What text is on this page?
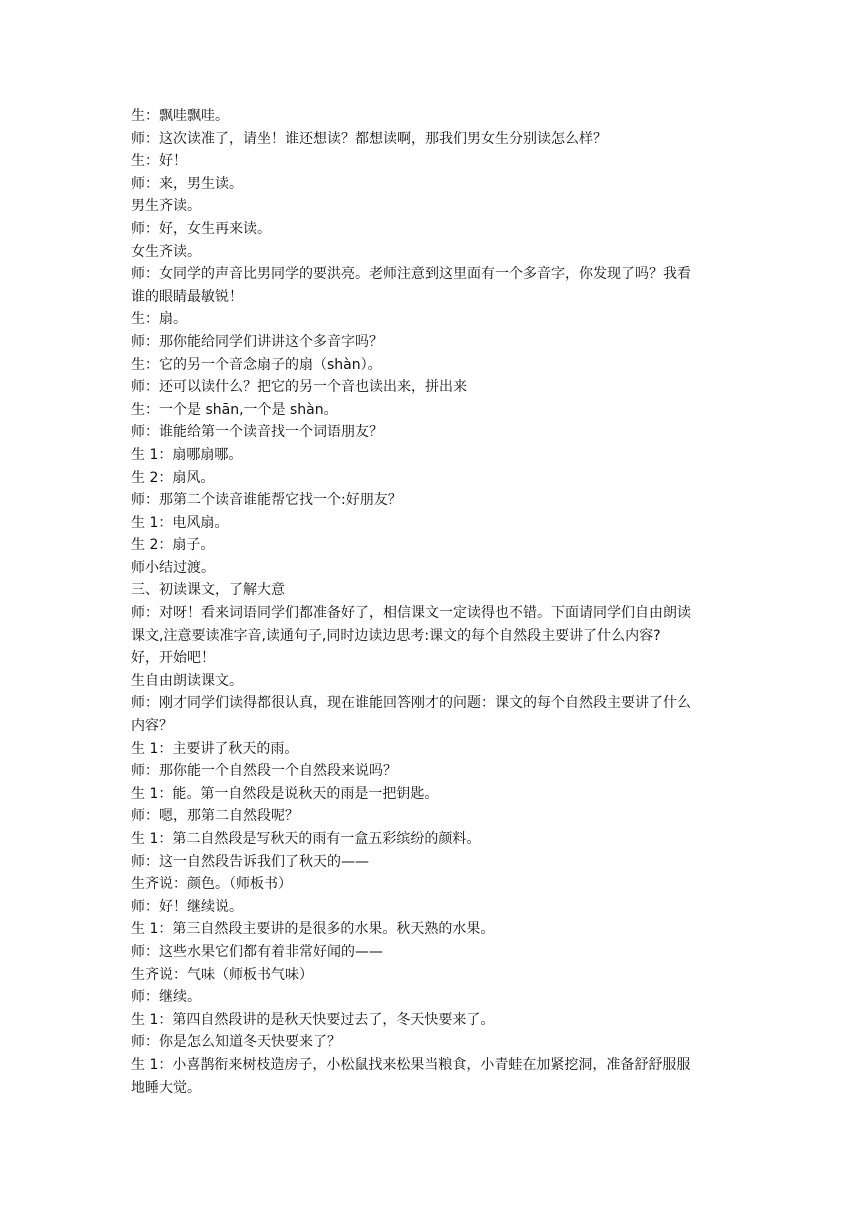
生：飘哇飘哇。

师：这次读准了，请坐！谁还想读？都想读啊，那我们男女生分别读怎么样？

生：好！

师：来，男生读。

男生齐读。

师：好，女生再来读。

女生齐读。

师：女同学的声音比男同学的要洪亮。老师注意到这里面有一个多音字，你发现了吗？我看

谁的眼睛最敏锐！

生：扇。

师：那你能给同学们讲讲这个多音字吗？

生：它的另一个音念扇子的扇（shàn）。

师：还可以读什么？把它的另一个音也读出来，拼出来

生：一个是 shān,一个是 shàn。

师：谁能给第一个读音找一个词语朋友？

生 1：扇哪扇哪。

生 2：扇风。

师：那第二个读音谁能帮它找一个:好朋友？

生 1：电风扇。

生 2：扇子。

师小结过渡。

三、初读课文，了解大意

师：对呀！看来词语同学们都准备好了，相信课文一定读得也不错。下面请同学们自由朗读

课文,注意要读准字音,读通句子,同时边读边思考:课文的每个自然段主要讲了什么内容?

好，开始吧！

生自由朗读课文。

师：刚才同学们读得都很认真，现在谁能回答刚才的问题：课文的每个自然段主要讲了什么

内容？

生 1：主要讲了秋天的雨。

师：那你能一个自然段一个自然段来说吗？

生 1：能。第一自然段是说秋天的雨是一把钥匙。

师：嗯，那第二自然段呢？

生 1：第二自然段是写秋天的雨有一盒五彩缤纷的颜料。

师：这一自然段告诉我们了秋天的——

生齐说：颜色。（师板书）

师：好！继续说。

生 1：第三自然段主要讲的是很多的水果。秋天熟的水果。

师：这些水果它们都有着非常好闻的——

生齐说：气味（师板书气味）

师：继续。

生 1：第四自然段讲的是秋天快要过去了，冬天快要来了。

师：你是怎么知道冬天快要来了？

生 1：小喜鹊衔来树枝造房子，小松鼠找来松果当粮食，小青蛙在加紧挖洞，准备舒舒服服

地睡大觉。
